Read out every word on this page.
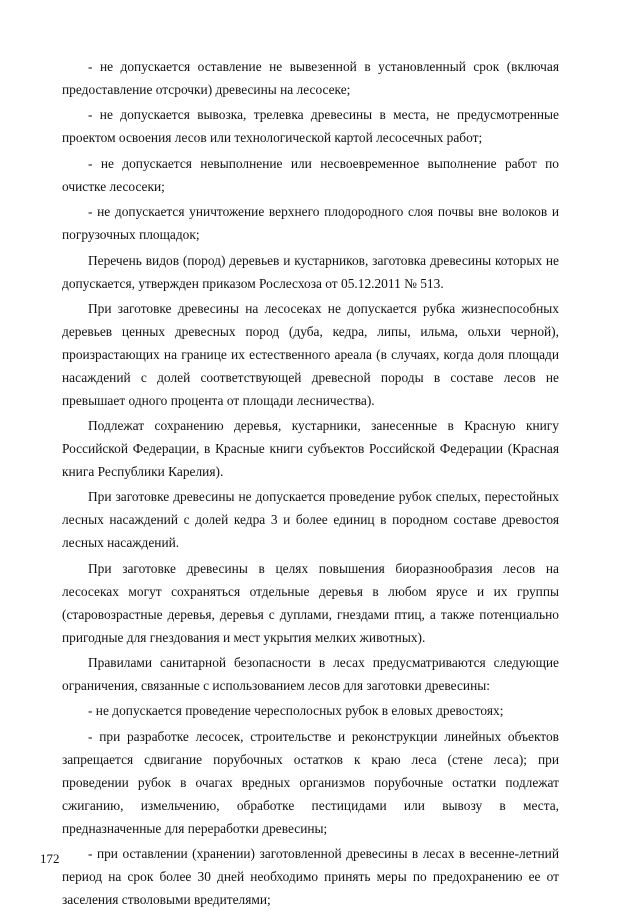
- не допускается оставление не вывезенной в установленный срок (включая предоставление отсрочки) древесины на лесосеке;

- не допускается вывозка, трелевка древесины в места, не предусмотренные проектом освоения лесов или технологической картой лесосечных работ;

- не допускается невыполнение или несвоевременное выполнение работ по очистке лесосеки;

- не допускается уничтожение верхнего плодородного слоя почвы вне волоков и погрузочных площадок;

Перечень видов (пород) деревьев и кустарников, заготовка древесины которых не допускается, утвержден приказом Рослесхоза от 05.12.2011 № 513.

При заготовке древесины на лесосеках не допускается рубка жизнеспособных деревьев ценных древесных пород (дуба, кедра, липы, ильма, ольхи черной), произрастающих на границе их естественного ареала (в случаях, когда доля площади насаждений с долей соответствующей древесной породы в составе лесов не превышает одного процента от площади лесничества).

Подлежат сохранению деревья, кустарники, занесенные в Красную книгу Российской Федерации, в Красные книги субъектов Российской Федерации (Красная книга Республики Карелия).

При заготовке древесины не допускается проведение рубок спелых, перестойных лесных насаждений с долей кедра 3 и более единиц в породном составе древостоя лесных насаждений.

При заготовке древесины в целях повышения биоразнообразия лесов на лесосеках могут сохраняться отдельные деревья в любом ярусе и их группы (старовозрастные деревья, деревья с дуплами, гнездами птиц, а также потенциально пригодные для гнездования и мест укрытия мелких животных).

Правилами санитарной безопасности в лесах предусматриваются следующие ограничения, связанные с использованием лесов для заготовки древесины:

- не допускается проведение чересполосных рубок в еловых древостоях;

- при разработке лесосек, строительстве и реконструкции линейных объектов запрещается сдвигание порубочных остатков к краю леса (стене леса); при проведении рубок в очагах вредных организмов порубочные остатки подлежат сжиганию, измельчению, обработке пестицидами или вывозу в места, предназначенные для переработки древесины;

- при оставлении (хранении) заготовленной древесины в лесах в весенне-летний период на срок более 30 дней необходимо принять меры по предохранению ее от заселения стволовыми вредителями;

172
